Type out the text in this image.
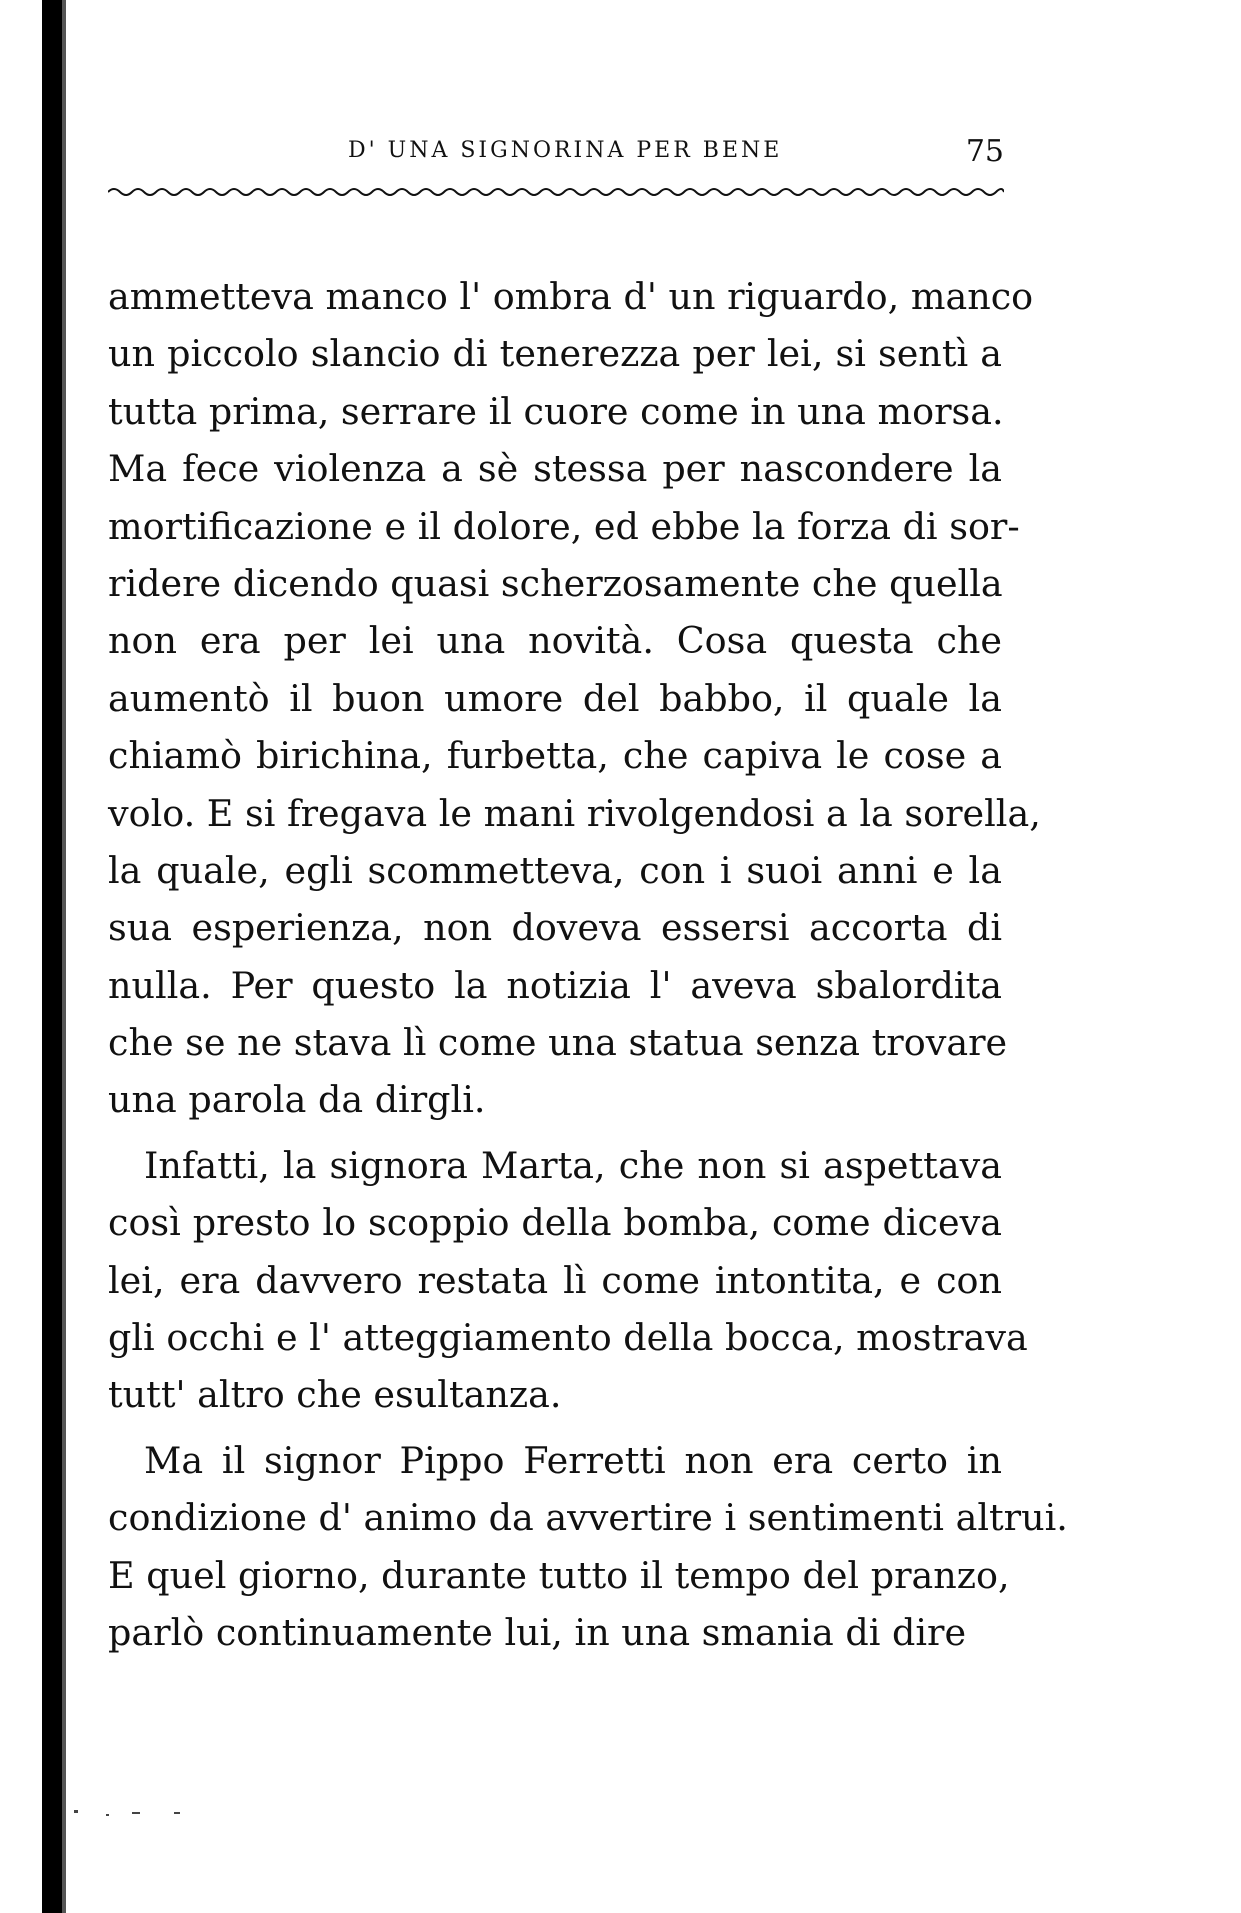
D' UNA SIGNORINA PER BENE	75
ammetteva manco l' ombra d' un riguardo, manco
un piccolo slancio di tenerezza per lei, si sentì a
tutta prima, serrare il cuore come in una morsa.
Ma fece violenza a sè stessa per nascondere la
mortificazione e il dolore, ed ebbe la forza di sor-
ridere dicendo quasi scherzosamente che quella
non era per lei una novità. Cosa questa che
aumentò il buon umore del babbo, il quale la
chiamò birichina, furbetta, che capiva le cose a
volo. E si fregava le mani rivolgendosi a la sorella,
la quale, egli scommetteva, con i suoi anni e la
sua esperienza, non doveva essersi accorta di
nulla. Per questo la notizia l' aveva sbalordita
che se ne stava lì come una statua senza trovare
una parola da dirgli.
Infatti, la signora Marta, che non si aspettava
così presto lo scoppio della bomba, come diceva
lei, era davvero restata lì come intontita, e con
gli occhi e l' atteggiamento della bocca, mostrava
tutt' altro che esultanza.
Ma il signor Pippo Ferretti non era certo in
condizione d' animo da avvertire i sentimenti altrui.
E quel giorno, durante tutto il tempo del pranzo,
parlò continuamente lui, in una smania di dire
